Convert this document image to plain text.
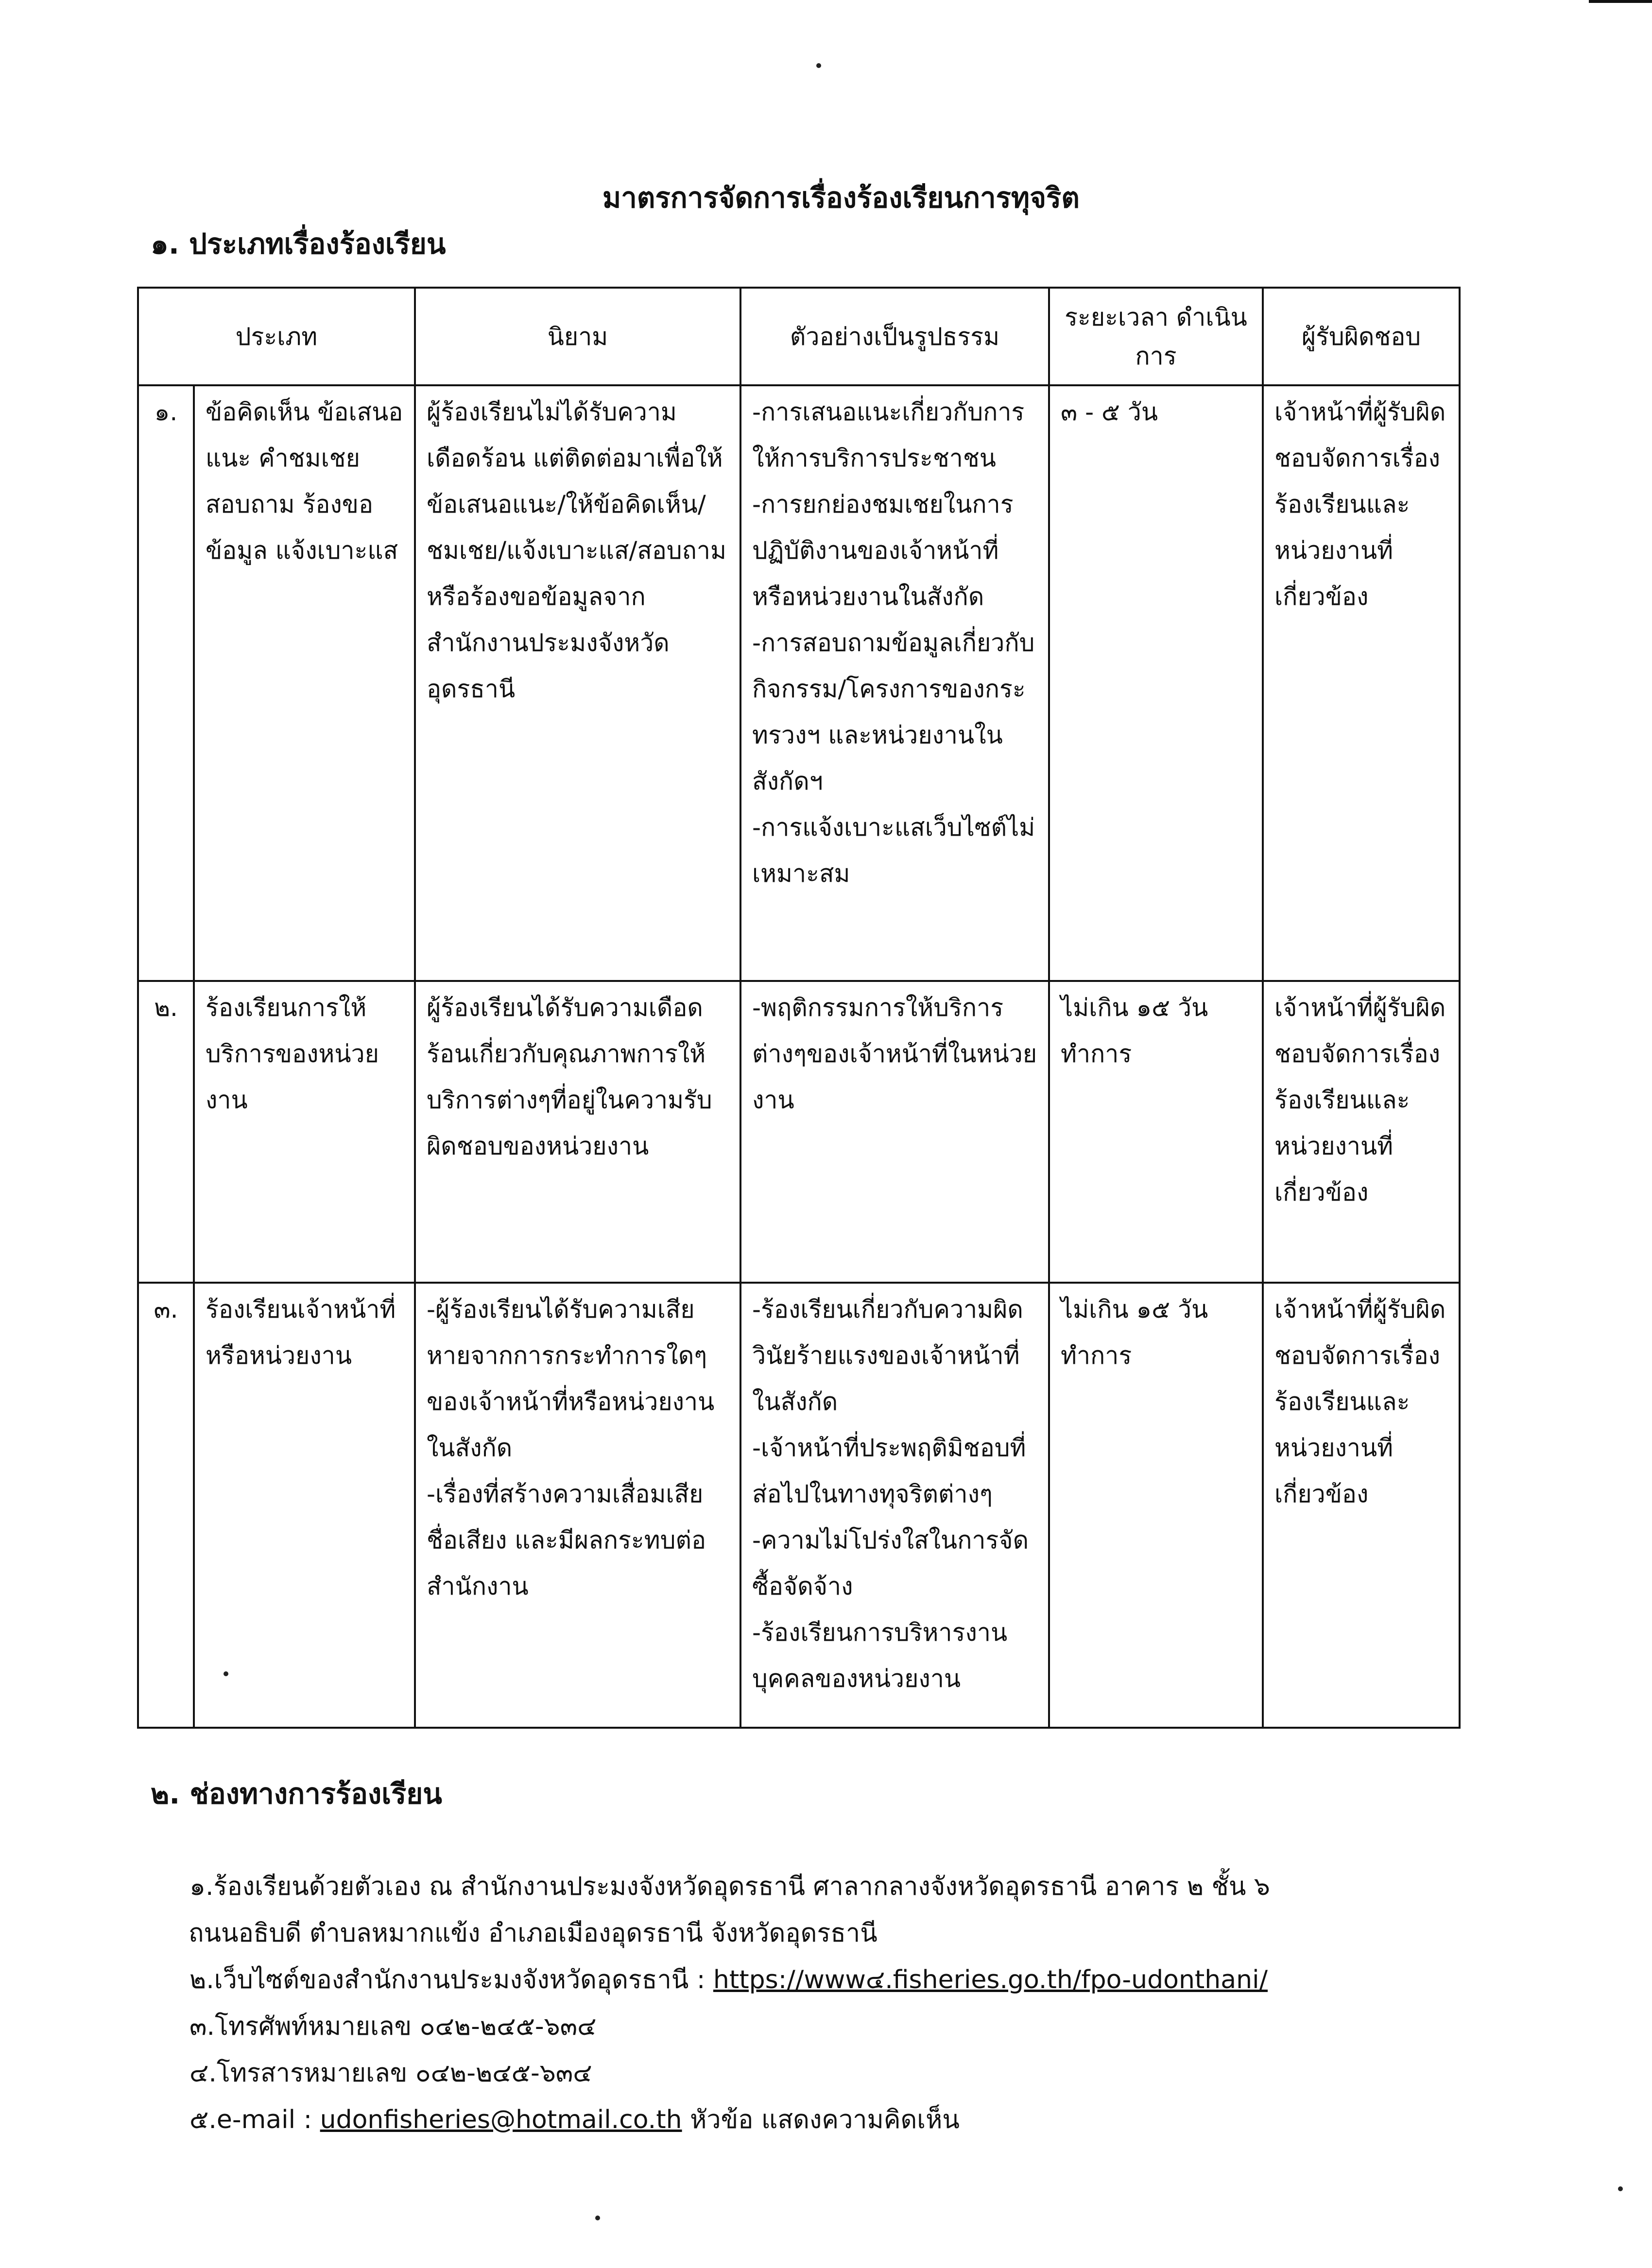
มาตรการจัดการเรื่องร้องเรียนการทุจริต
๑. ประเภทเรื่องร้องเรียน
ประเภท		นิยาม	ตัวอย่างเป็นรูปธรรม	ระยะเวลา ดำเนินการ	ผู้รับผิดชอบ
๑.	ข้อคิดเห็น ข้อเสนอแนะ คำชมเชย สอบถาม ร้องขอข้อมูล แจ้งเบาะแส	ผู้ร้องเรียนไม่ได้รับความเดือดร้อน แต่ติดต่อมาเพื่อให้ข้อเสนอแนะ/ให้ข้อคิดเห็น/ชมเชย/แจ้งเบาะแส/สอบถามหรือร้องขอข้อมูลจากสำนักงานประมงจังหวัดอุดรธานี	-การเสนอแนะเกี่ยวกับการให้การบริการประชาชน
-การยกย่องชมเชยในการปฏิบัติงานของเจ้าหน้าที่หรือหน่วยงานในสังกัด
-การสอบถามข้อมูลเกี่ยวกับกิจกรรม/โครงการของกระทรวงฯ และหน่วยงานในสังกัดฯ
-การแจ้งเบาะแสเว็บไซต์ไม่เหมาะสม	๓ - ๕ วัน	เจ้าหน้าที่ผู้รับผิดชอบจัดการเรื่องร้องเรียนและหน่วยงานที่เกี่ยวข้อง
๒.	ร้องเรียนการให้บริการของหน่วยงาน	ผู้ร้องเรียนได้รับความเดือดร้อนเกี่ยวกับคุณภาพการให้บริการต่างๆที่อยู่ในความรับผิดชอบของหน่วยงาน	-พฤติกรรมการให้บริการต่างๆของเจ้าหน้าที่ในหน่วยงาน	ไม่เกิน ๑๕ วันทำการ	เจ้าหน้าที่ผู้รับผิดชอบจัดการเรื่องร้องเรียนและหน่วยงานที่เกี่ยวข้อง
๓.	ร้องเรียนเจ้าหน้าที่หรือหน่วยงาน	-ผู้ร้องเรียนได้รับความเสียหายจากการกระทำการใดๆ ของเจ้าหน้าที่หรือหน่วยงานในสังกัด
-เรื่องที่สร้างความเสื่อมเสียชื่อเสียง และมีผลกระทบต่อสำนักงาน	-ร้องเรียนเกี่ยวกับความผิดวินัยร้ายแรงของเจ้าหน้าที่ในสังกัด
-เจ้าหน้าที่ประพฤติมิชอบที่ส่อไปในทางทุจริตต่างๆ
-ความไม่โปร่งใสในการจัดซื้อจัดจ้าง
-ร้องเรียนการบริหารงานบุคคลของหน่วยงาน	ไม่เกิน ๑๕ วันทำการ	เจ้าหน้าที่ผู้รับผิดชอบจัดการเรื่องร้องเรียนและหน่วยงานที่เกี่ยวข้อง
๒. ช่องทางการร้องเรียน
๑.ร้องเรียนด้วยตัวเอง ณ สำนักงานประมงจังหวัดอุดรธานี ศาลากลางจังหวัดอุดรธานี อาคาร ๒ ชั้น ๖
ถนนอธิบดี ตำบลหมากแข้ง อำเภอเมืองอุดรธานี จังหวัดอุดรธานี
๒.เว็บไซต์ของสำนักงานประมงจังหวัดอุดรธานี : https://www๔.fisheries.go.th/fpo-udonthani/
๓.โทรศัพท์หมายเลข ๐๔๒-๒๔๕-๖๓๔
๔.โทรสารหมายเลข ๐๔๒-๒๔๕-๖๓๔
๕.e-mail : udonfisheries@hotmail.co.th หัวข้อ แสดงความคิดเห็น
